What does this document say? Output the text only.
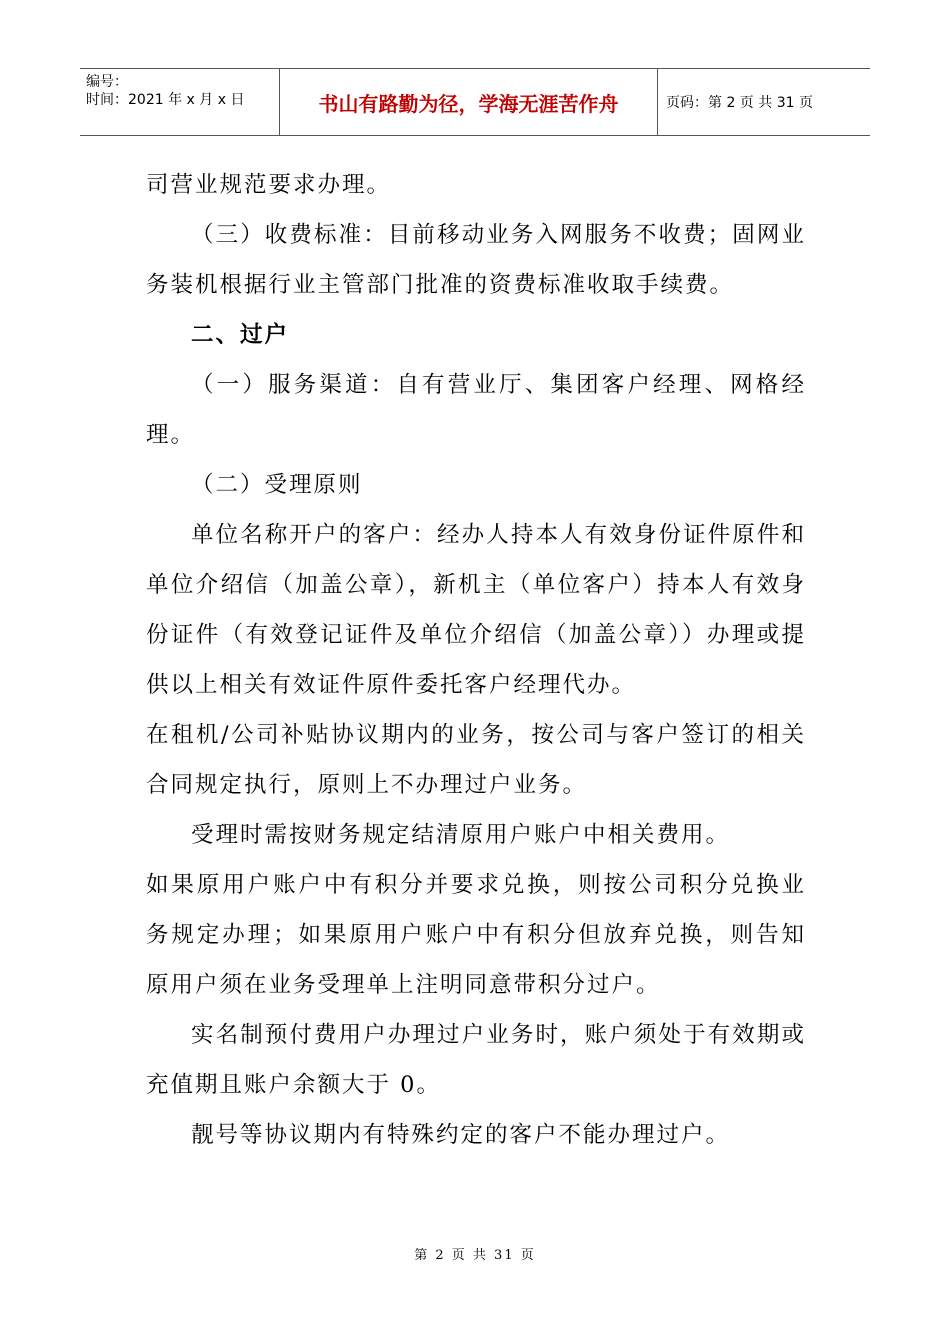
编号：
时间：2021 年 x 月 x 日	书山有路勤为径，学海无涯苦作舟	页码：第 2 页 共 31 页

司营业规范要求办理。

（三）收费标准：目前移动业务入网服务不收费；固网业务装机根据行业主管部门批准的资费标准收取手续费。

二、过户

（一）服务渠道：自有营业厅、集团客户经理、网格经理。

（二）受理原则

单位名称开户的客户：经办人持本人有效身份证件原件和单位介绍信（加盖公章），新机主（单位客户）持本人有效身份证件（有效登记证件及单位介绍信（加盖公章））办理或提供以上相关有效证件原件委托客户经理代办。

在租机/公司补贴协议期内的业务，按公司与客户签订的相关合同规定执行，原则上不办理过户业务。

受理时需按财务规定结清原用户账户中相关费用。

如果原用户账户中有积分并要求兑换，则按公司积分兑换业务规定办理；如果原用户账户中有积分但放弃兑换，则告知原用户须在业务受理单上注明同意带积分过户。

实名制预付费用户办理过户业务时，账户须处于有效期或充值期且账户余额大于 0。

靓号等协议期内有特殊约定的客户不能办理过户。

第 2 页 共 31 页
